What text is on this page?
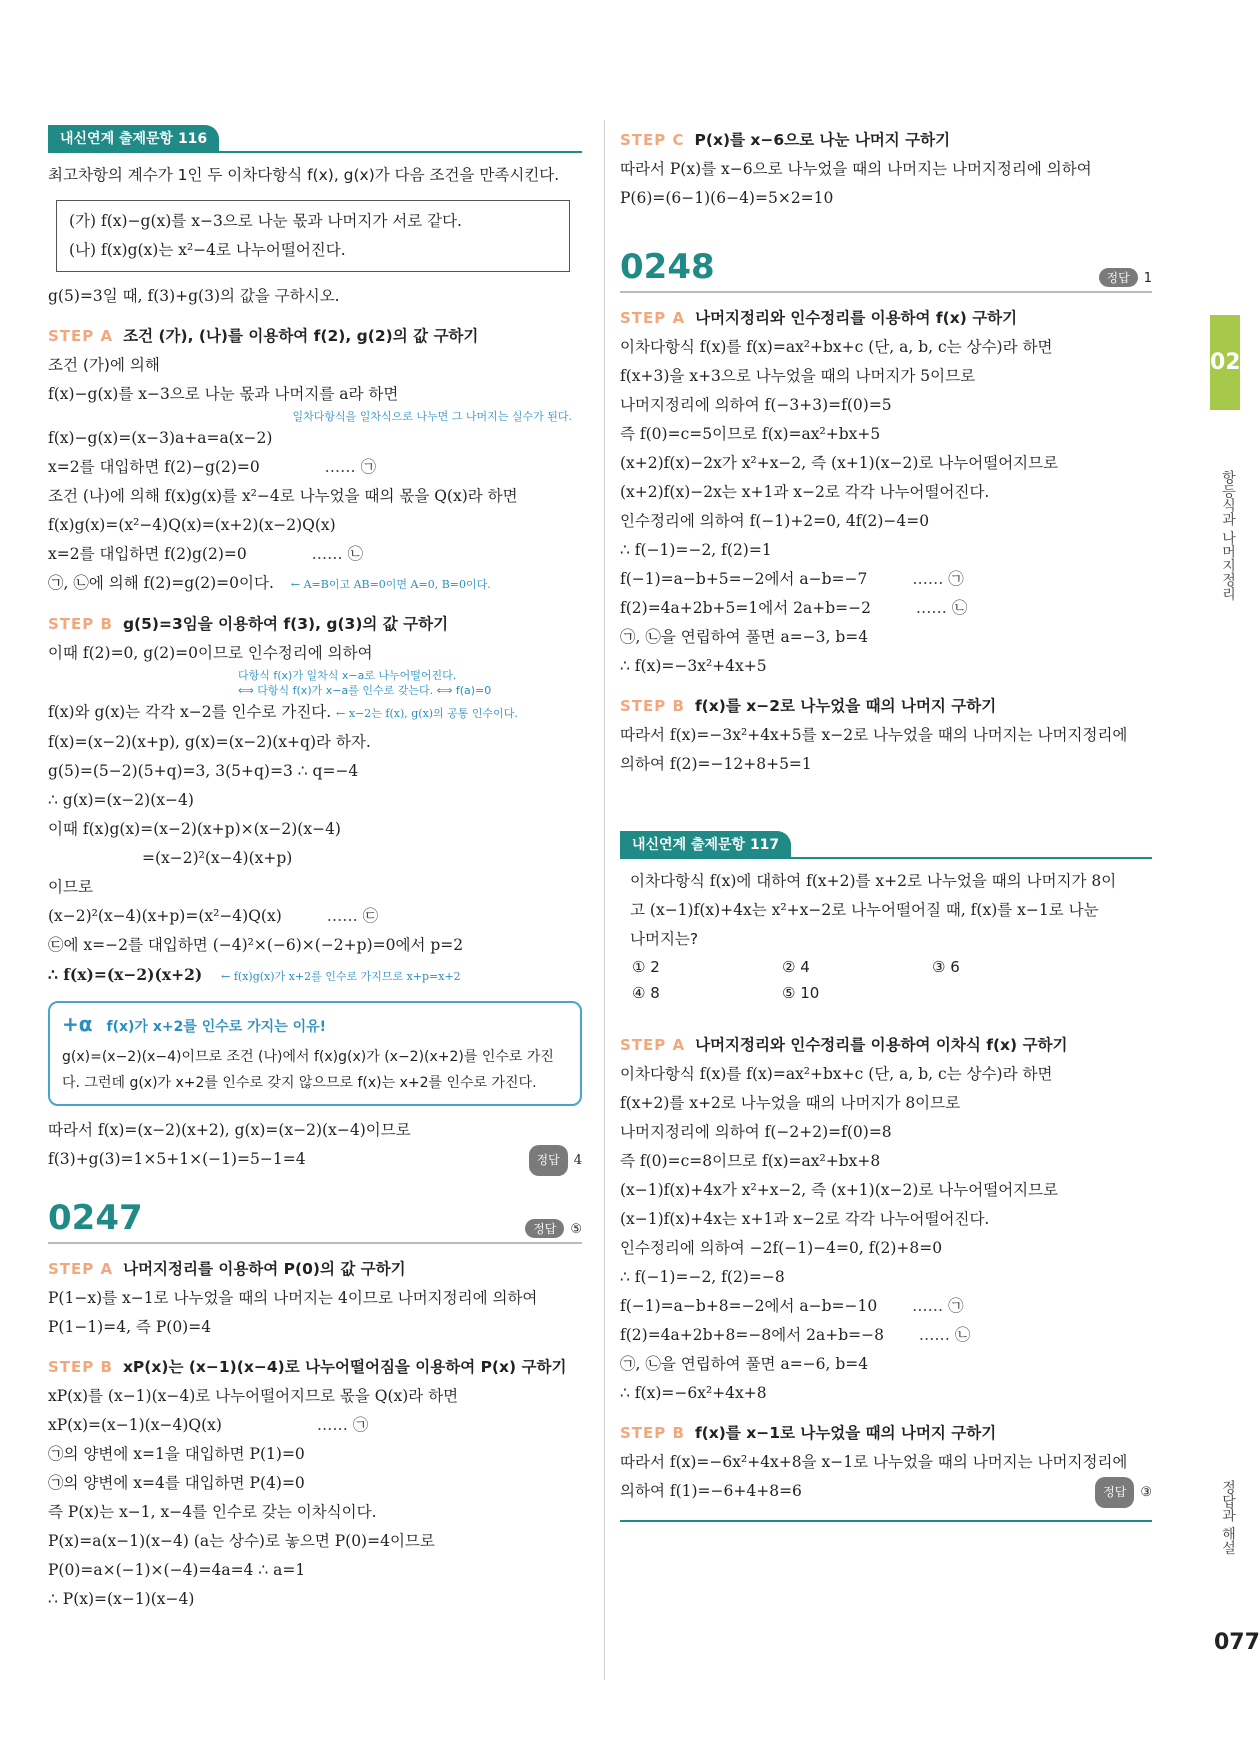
내신연계 출제문항 116
최고차항의 계수가 1인 두 이차다항식 f(x), g(x)가 다음 조건을 만족시킨다.
(가) f(x)−g(x)를 x−3으로 나눈 몫과 나머지가 서로 같다.
(나) f(x)g(x)는 x²−4로 나누어떨어진다.
g(5)=3일 때, f(3)+g(3)의 값을 구하시오.
STEP A 조건 (가), (나)를 이용하여 f(2), g(2)의 값 구하기
조건 (가)에 의해
f(x)−g(x)를 x−3으로 나눈 몫과 나머지를 a라 하면
일차다항식을 일차식으로 나누면 그 나머지는 실수가 된다.
f(x)−g(x)=(x−3)a+a=a(x−2)
x=2를 대입하면 f(2)−g(2)=0	…… ㉠
조건 (나)에 의해 f(x)g(x)를 x²−4로 나누었을 때의 몫을 Q(x)라 하면
f(x)g(x)=(x²−4)Q(x)=(x+2)(x−2)Q(x)
x=2를 대입하면 f(2)g(2)=0	…… ㉡
㉠, ㉡에 의해 f(2)=g(2)=0이다. ← A=B이고 AB=0이면 A=0, B=0이다.
STEP B g(5)=3임을 이용하여 f(3), g(3)의 값 구하기
이때 f(2)=0, g(2)=0이므로 인수정리에 의하여
다항식 f(x)가 일차식 x−a로 나누어떨어진다.
⟺ 다항식 f(x)가 x−a를 인수로 갖는다. ⟺ f(a)=0
f(x)와 g(x)는 각각 x−2를 인수로 가진다. ← x−2는 f(x), g(x)의 공통 인수이다.
f(x)=(x−2)(x+p), g(x)=(x−2)(x+q)라 하자.
g(5)=(5−2)(5+q)=3, 3(5+q)=3 ∴ q=−4
∴ g(x)=(x−2)(x−4)
이때 f(x)g(x)=(x−2)(x+p)×(x−2)(x−4)
=(x−2)²(x−4)(x+p)
이므로
(x−2)²(x−4)(x+p)=(x²−4)Q(x)	…… ㉢
㉢에 x=−2를 대입하면 (−4)²×(−6)×(−2+p)=0에서 p=2
∴ f(x)=(x−2)(x+2) ← f(x)g(x)가 x+2를 인수로 가지므로 x+p=x+2
+α f(x)가 x+2를 인수로 가지는 이유!
g(x)=(x−2)(x−4)이므로 조건 (나)에서 f(x)g(x)가 (x−2)(x+2)를 인수로 가진다. 그런데 g(x)가 x+2를 인수로 갖지 않으므로 f(x)는 x+2를 인수로 가진다.
따라서 f(x)=(x−2)(x+2), g(x)=(x−2)(x−4)이므로
f(3)+g(3)=1×5+1×(−1)=5−1=4	정답 4
0247	정답 ⑤
STEP A 나머지정리를 이용하여 P(0)의 값 구하기
P(1−x)를 x−1로 나누었을 때의 나머지는 4이므로 나머지정리에 의하여
P(1−1)=4, 즉 P(0)=4
STEP B xP(x)는 (x−1)(x−4)로 나누어떨어짐을 이용하여 P(x) 구하기
xP(x)를 (x−1)(x−4)로 나누어떨어지므로 몫을 Q(x)라 하면
xP(x)=(x−1)(x−4)Q(x)	…… ㉠
㉠의 양변에 x=1을 대입하면 P(1)=0
㉠의 양변에 x=4를 대입하면 P(4)=0
즉 P(x)는 x−1, x−4를 인수로 갖는 이차식이다.
P(x)=a(x−1)(x−4) (a는 상수)로 놓으면 P(0)=4이므로
P(0)=a×(−1)×(−4)=4a=4 ∴ a=1
∴ P(x)=(x−1)(x−4)
STEP C P(x)를 x−6으로 나눈 나머지 구하기
따라서 P(x)를 x−6으로 나누었을 때의 나머지는 나머지정리에 의하여
P(6)=(6−1)(6−4)=5×2=10
0248	정답 1
STEP A 나머지정리와 인수정리를 이용하여 f(x) 구하기
이차다항식 f(x)를 f(x)=ax²+bx+c (단, a, b, c는 상수)라 하면
f(x+3)을 x+3으로 나누었을 때의 나머지가 5이므로
나머지정리에 의하여 f(−3+3)=f(0)=5
즉 f(0)=c=5이므로 f(x)=ax²+bx+5
(x+2)f(x)−2x가 x²+x−2, 즉 (x+1)(x−2)로 나누어떨어지므로
(x+2)f(x)−2x는 x+1과 x−2로 각각 나누어떨어진다.
인수정리에 의하여 f(−1)+2=0, 4f(2)−4=0
∴ f(−1)=−2, f(2)=1
f(−1)=a−b+5=−2에서 a−b=−7	…… ㉠
f(2)=4a+2b+5=1에서 2a+b=−2	…… ㉡
㉠, ㉡을 연립하여 풀면 a=−3, b=4
∴ f(x)=−3x²+4x+5
STEP B f(x)를 x−2로 나누었을 때의 나머지 구하기
따라서 f(x)=−3x²+4x+5를 x−2로 나누었을 때의 나머지는 나머지정리에
의하여 f(2)=−12+8+5=1
내신연계 출제문항 117
이차다항식 f(x)에 대하여 f(x+2)를 x+2로 나누었을 때의 나머지가 8이
고 (x−1)f(x)+4x는 x²+x−2로 나누어떨어질 때, f(x)를 x−1로 나눈
나머지는?
① 2	② 4	③ 6
④ 8	⑤ 10
STEP A 나머지정리와 인수정리를 이용하여 이차식 f(x) 구하기
이차다항식 f(x)를 f(x)=ax²+bx+c (단, a, b, c는 상수)라 하면
f(x+2)를 x+2로 나누었을 때의 나머지가 8이므로
나머지정리에 의하여 f(−2+2)=f(0)=8
즉 f(0)=c=8이므로 f(x)=ax²+bx+8
(x−1)f(x)+4x가 x²+x−2, 즉 (x+1)(x−2)로 나누어떨어지므로
(x−1)f(x)+4x는 x+1과 x−2로 각각 나누어떨어진다.
인수정리에 의하여 −2f(−1)−4=0, f(2)+8=0
∴ f(−1)=−2, f(2)=−8
f(−1)=a−b+8=−2에서 a−b=−10 …… ㉠
f(2)=4a+2b+8=−8에서 2a+b=−8 …… ㉡
㉠, ㉡을 연립하여 풀면 a=−6, b=4
∴ f(x)=−6x²+4x+8
STEP B f(x)를 x−1로 나누었을 때의 나머지 구하기
따라서 f(x)=−6x²+4x+8을 x−1로 나누었을 때의 나머지는 나머지정리에
의하여 f(1)=−6+4+8=6	정답 ③
02
항등식과 나머지정리
정답과 해설
077
